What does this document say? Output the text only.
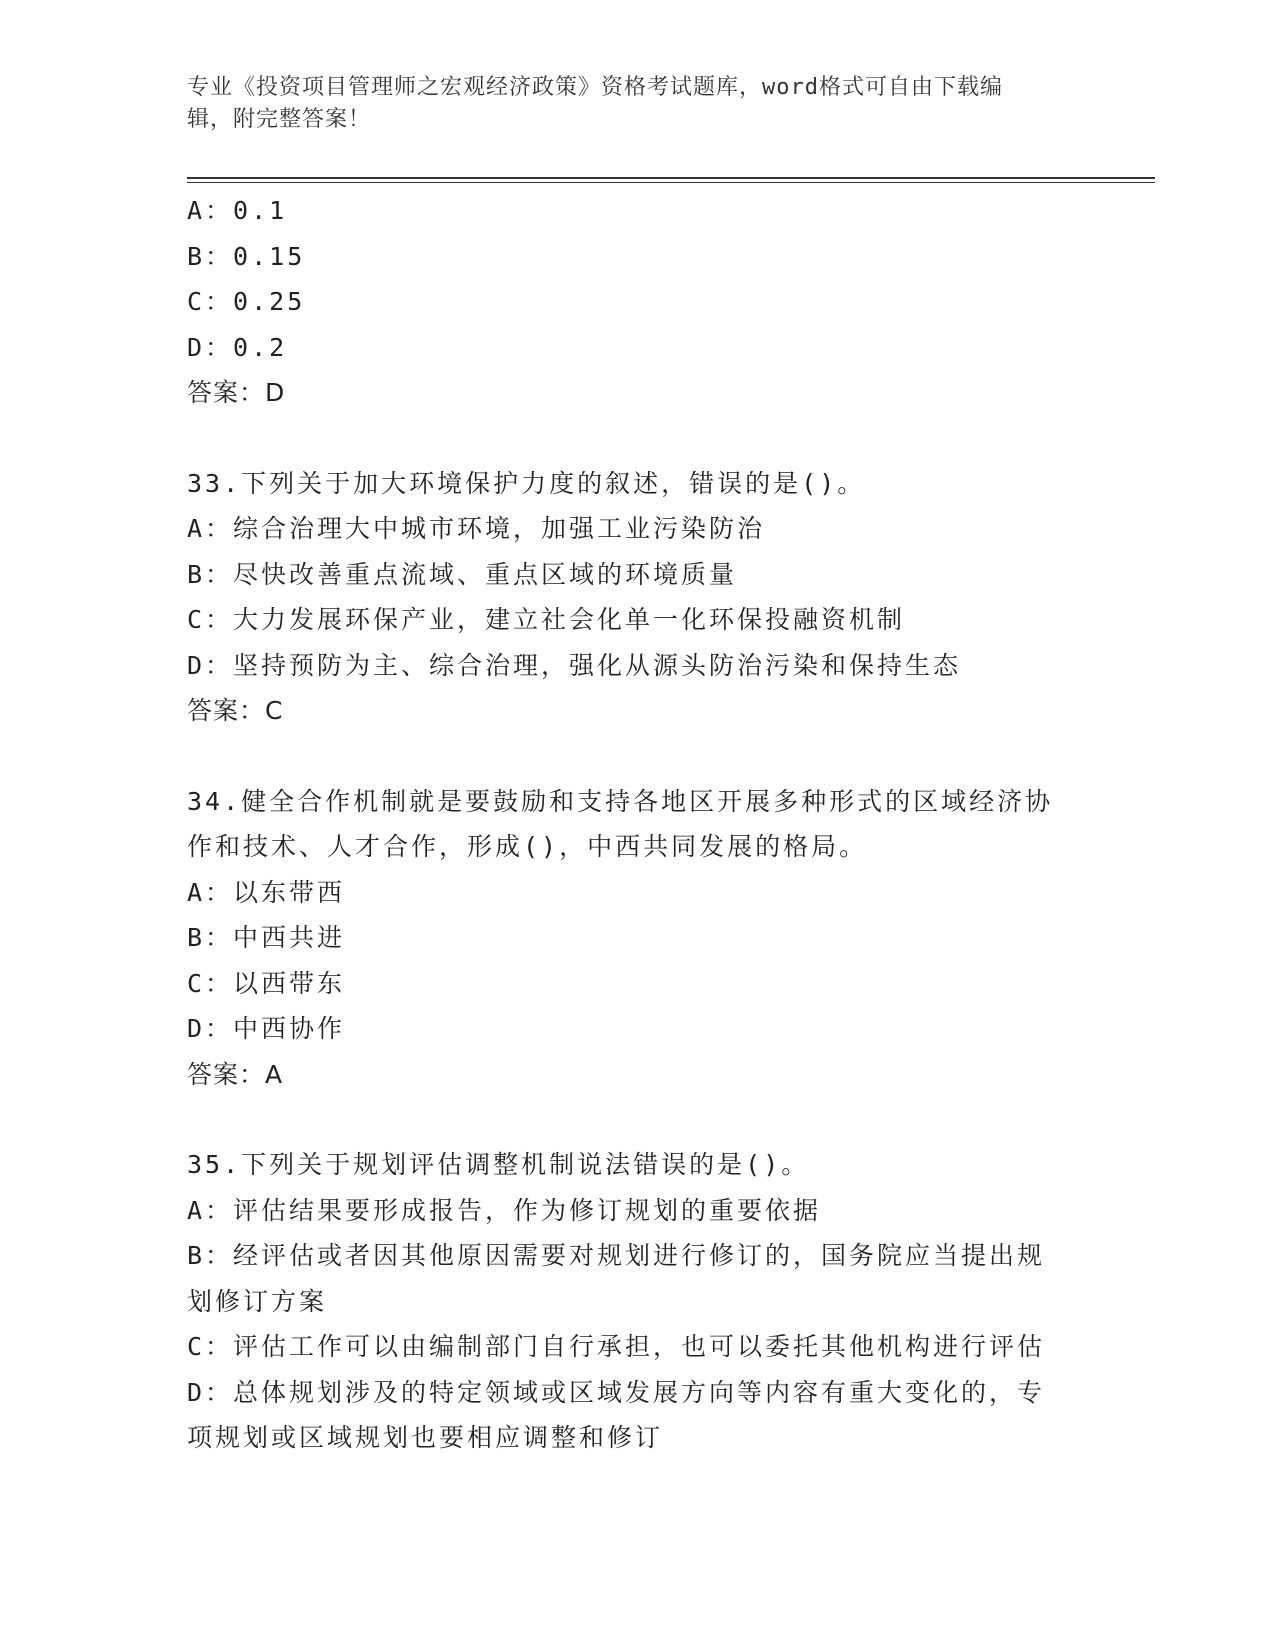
专业《投资项目管理师之宏观经济政策》资格考试题库，word格式可自由下载编
辑，附完整答案！
A：0.1
B：0.15
C：0.25
D：0.2
答案：D
33.下列关于加大环境保护力度的叙述，错误的是()。
A：综合治理大中城市环境，加强工业污染防治
B：尽快改善重点流域、重点区域的环境质量
C：大力发展环保产业，建立社会化单一化环保投融资机制
D：坚持预防为主、综合治理，强化从源头防治污染和保持生态
答案：C
34.健全合作机制就是要鼓励和支持各地区开展多种形式的区域经济协
作和技术、人才合作，形成()，中西共同发展的格局。
A：以东带西
B：中西共进
C：以西带东
D：中西协作
答案：A
35.下列关于规划评估调整机制说法错误的是()。
A：评估结果要形成报告，作为修订规划的重要依据
B：经评估或者因其他原因需要对规划进行修订的，国务院应当提出规
划修订方案
C：评估工作可以由编制部门自行承担，也可以委托其他机构进行评估
D：总体规划涉及的特定领域或区域发展方向等内容有重大变化的，专
项规划或区域规划也要相应调整和修订
